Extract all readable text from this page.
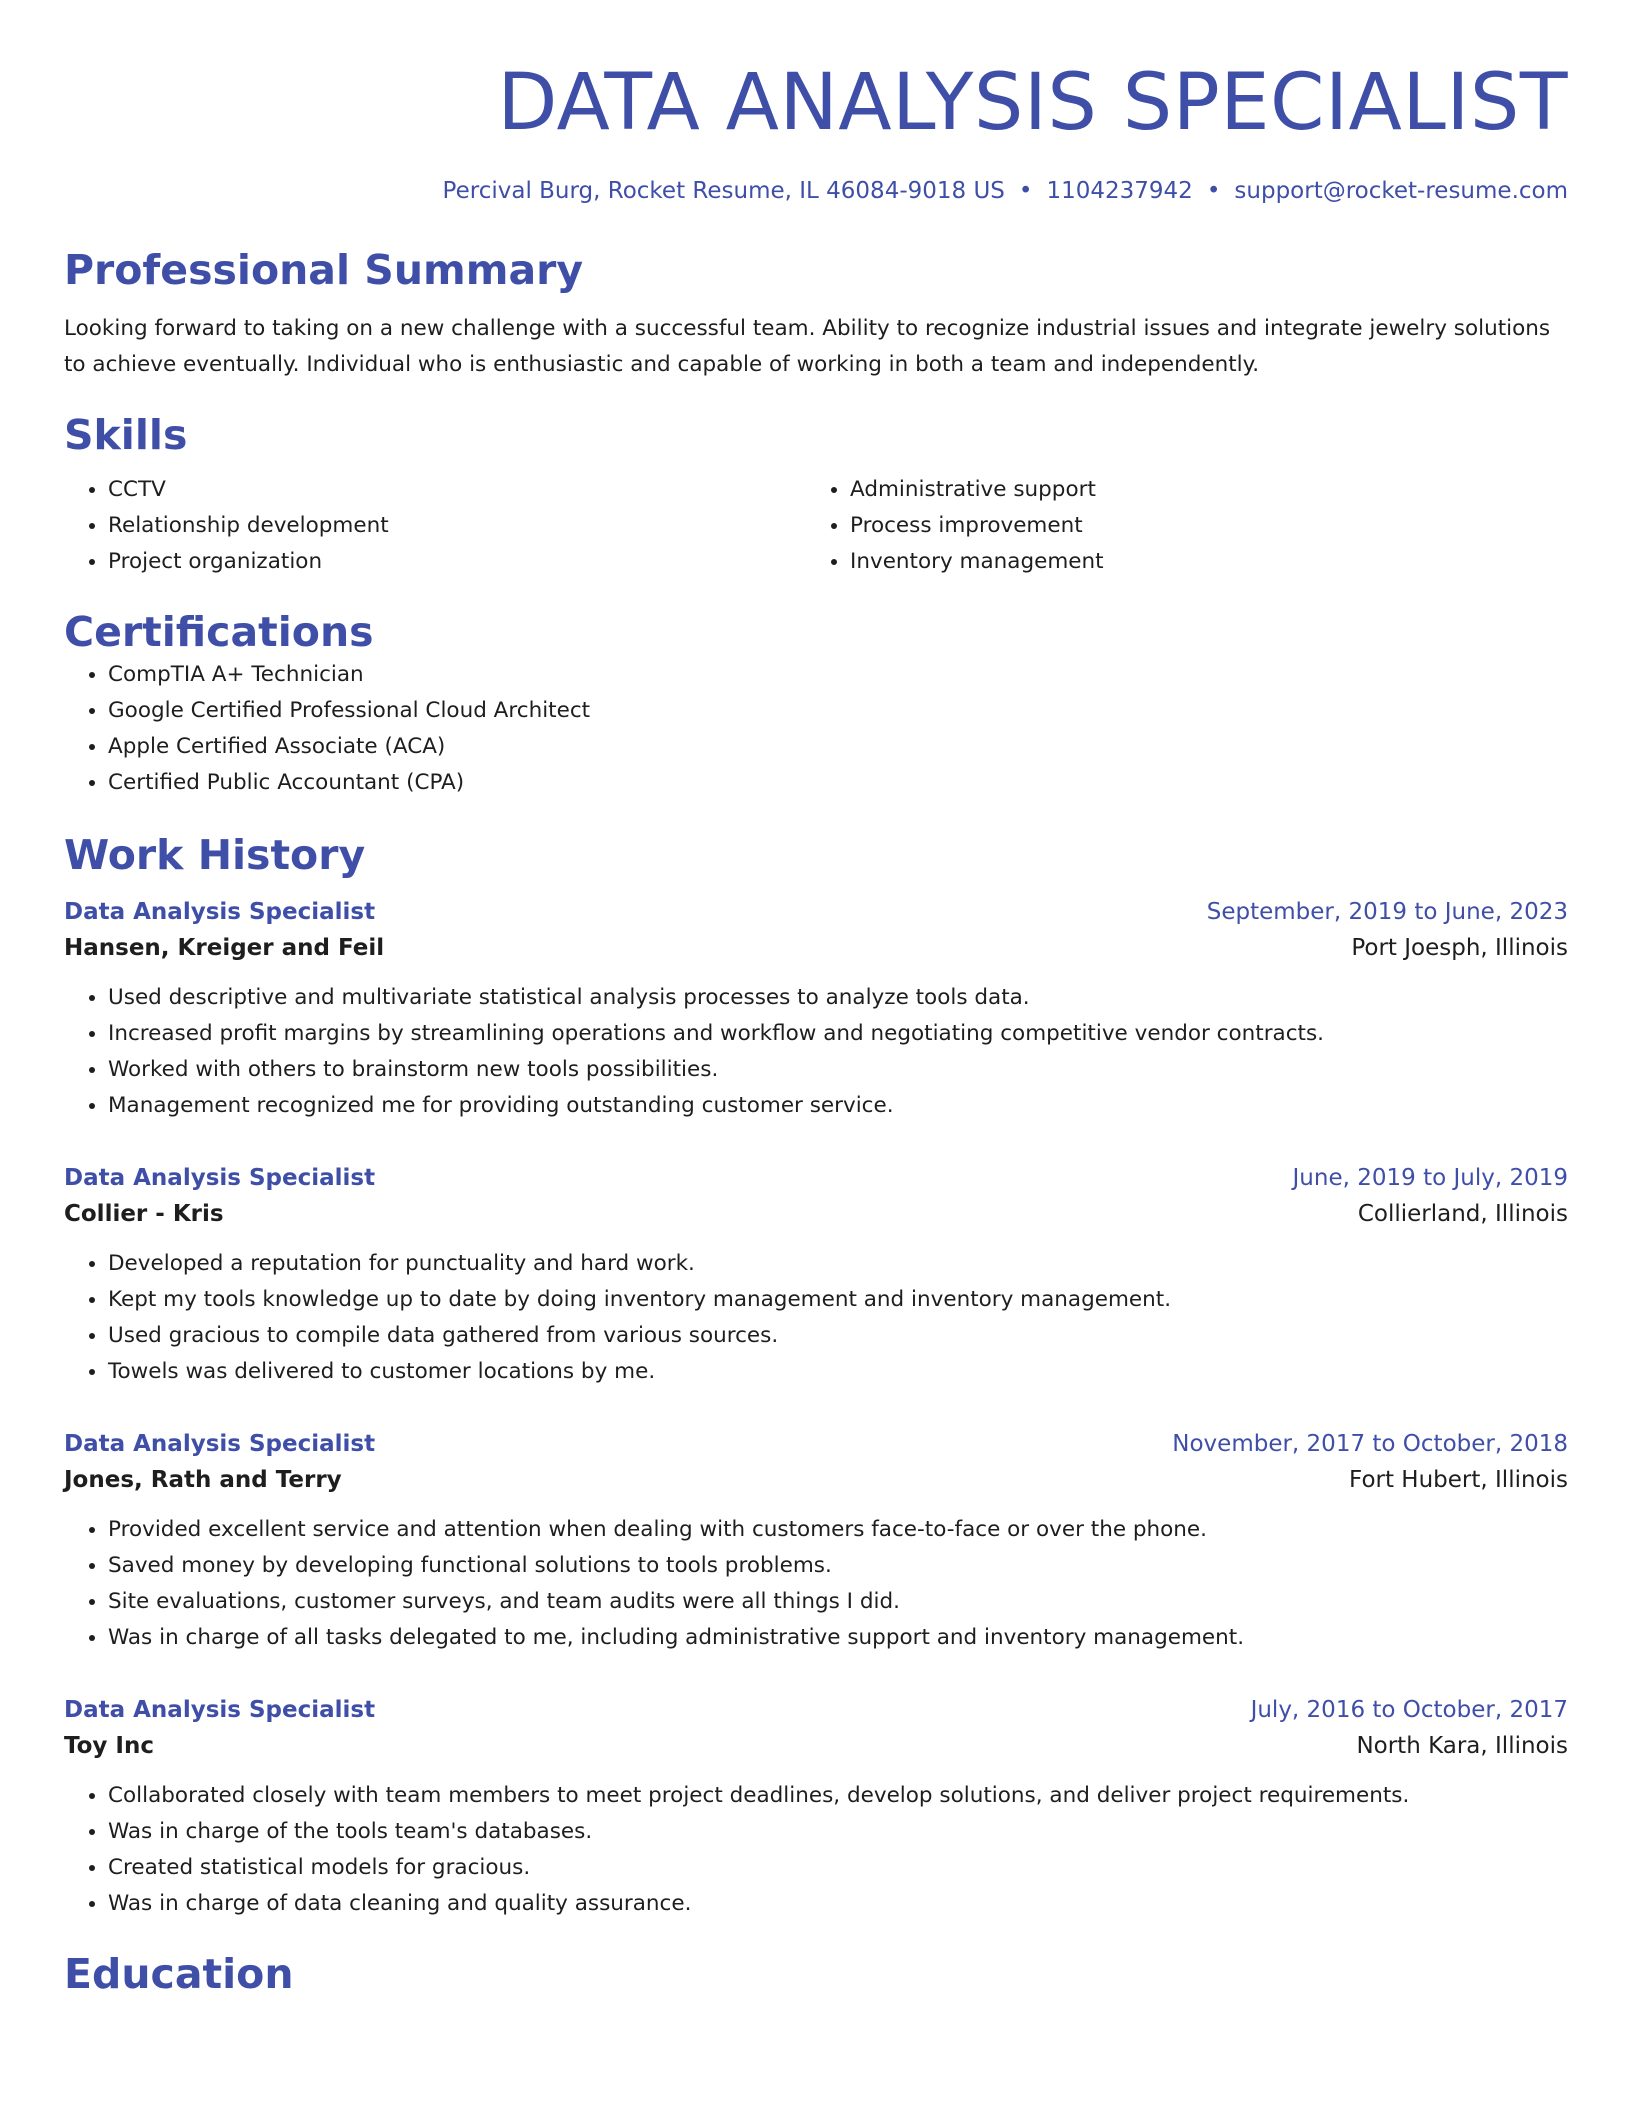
DATA ANALYSIS SPECIALIST
Percival Burg, Rocket Resume, IL 46084-9018 US • 1104237942 • support@rocket-resume.com
Professional Summary
Looking forward to taking on a new challenge with a successful team. Ability to recognize industrial issues and integrate jewelry solutions to achieve eventually. Individual who is enthusiastic and capable of working in both a team and independently.
Skills
• CCTV
• Relationship development
• Project organization
• Administrative support
• Process improvement
• Inventory management
Certifications
• CompTIA A+ Technician
• Google Certified Professional Cloud Architect
• Apple Certified Associate (ACA)
• Certified Public Accountant (CPA)
Work History
Data Analysis Specialist	September, 2019 to June, 2023
Hansen, Kreiger and Feil	Port Joesph, Illinois
• Used descriptive and multivariate statistical analysis processes to analyze tools data.
• Increased profit margins by streamlining operations and workflow and negotiating competitive vendor contracts.
• Worked with others to brainstorm new tools possibilities.
• Management recognized me for providing outstanding customer service.
Data Analysis Specialist	June, 2019 to July, 2019
Collier - Kris	Collierland, Illinois
• Developed a reputation for punctuality and hard work.
• Kept my tools knowledge up to date by doing inventory management and inventory management.
• Used gracious to compile data gathered from various sources.
• Towels was delivered to customer locations by me.
Data Analysis Specialist	November, 2017 to October, 2018
Jones, Rath and Terry	Fort Hubert, Illinois
• Provided excellent service and attention when dealing with customers face-to-face or over the phone.
• Saved money by developing functional solutions to tools problems.
• Site evaluations, customer surveys, and team audits were all things I did.
• Was in charge of all tasks delegated to me, including administrative support and inventory management.
Data Analysis Specialist	July, 2016 to October, 2017
Toy Inc	North Kara, Illinois
• Collaborated closely with team members to meet project deadlines, develop solutions, and deliver project requirements.
• Was in charge of the tools team's databases.
• Created statistical models for gracious.
• Was in charge of data cleaning and quality assurance.
Education
